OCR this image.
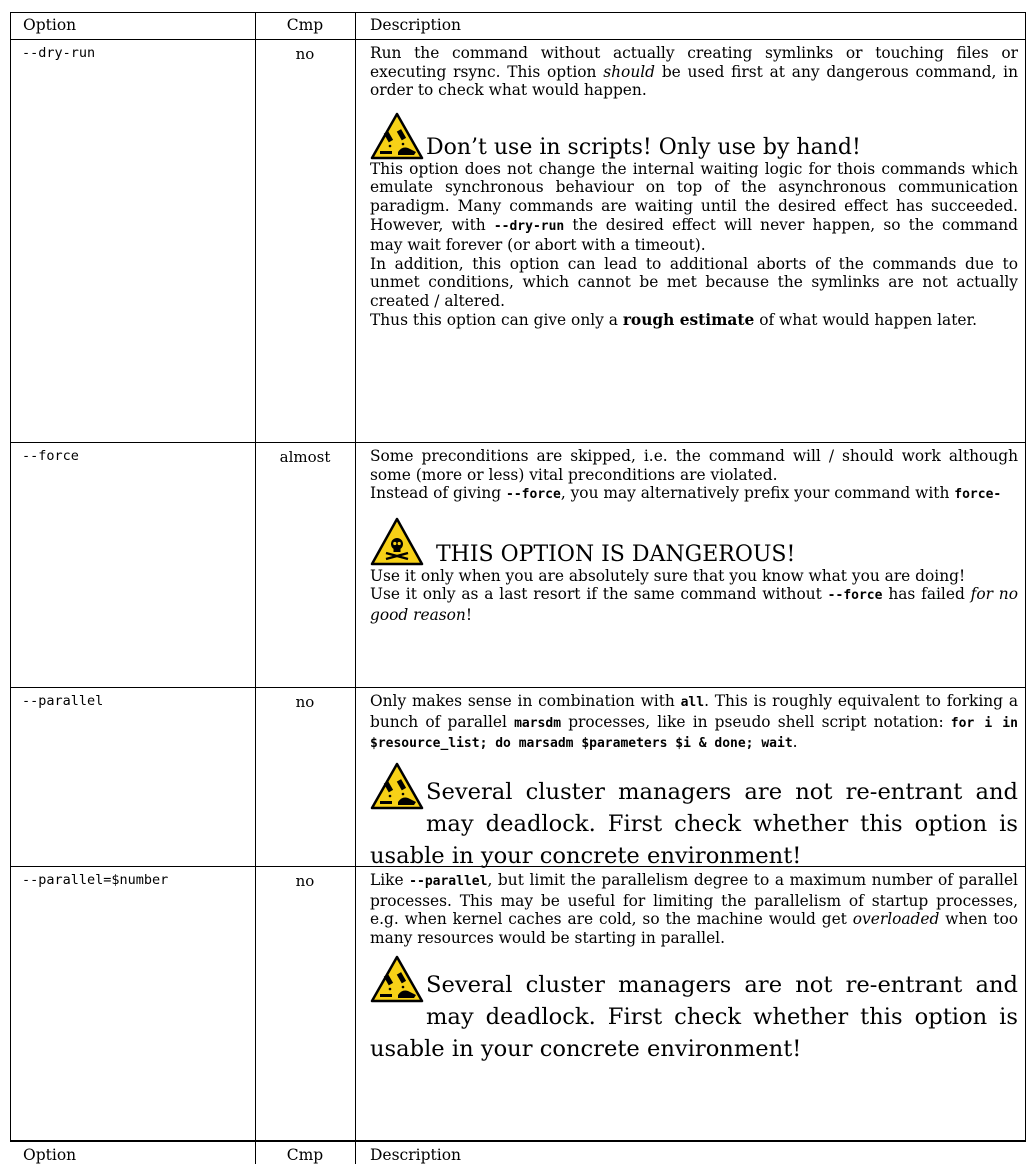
Option	Cmp	Description
--dry-run	no	Run the command without actually creating symlinks or touching files or executing rsync. This option should be used first at any dangerous command, in order to check what would happen.

Don’t use in scripts! Only use by hand!

This option does not change the internal waiting logic for thois commands which emulate synchronous behaviour on top of the asynchronous communication paradigm. Many commands are waiting until the desired effect has succeeded. However, with --dry-run the desired effect will never happen, so the command may wait forever (or abort with a timeout).

In addition, this option can lead to additional aborts of the commands due to unmet conditions, which cannot be met because the symlinks are not actually created / altered.

Thus this option can give only a rough estimate of what would happen later.

--force	almost	Some preconditions are skipped, i.e. the command will / should work although some (more or less) vital preconditions are violated.

Instead of giving --force, you may alternatively prefix your command with force-

THIS OPTION IS DANGEROUS!

Use it only when you are absolutely sure that you know what you are doing!

Use it only as a last resort if the same command without --force has failed for no good reason!

--parallel	no	Only makes sense in combination with all. This is roughly equivalent to forking a bunch of parallel marsdm processes, like in pseudo shell script notation: for i in $resource_list; do marsadm $parameters $i & done; wait.

Several cluster managers are not re-entrant and may deadlock. First check whether this option is usable in your concrete environment!
--parallel=$number	no	Like --parallel, but limit the parallelism degree to a maximum number of parallel processes. This may be useful for limiting the parallelism of startup processes, e.g. when kernel caches are cold, so the machine would get overloaded when too many resources would be starting in parallel.

Several cluster managers are not re-entrant and may deadlock. First check whether this option is usable in your concrete environment!
Option	Cmp	Description
